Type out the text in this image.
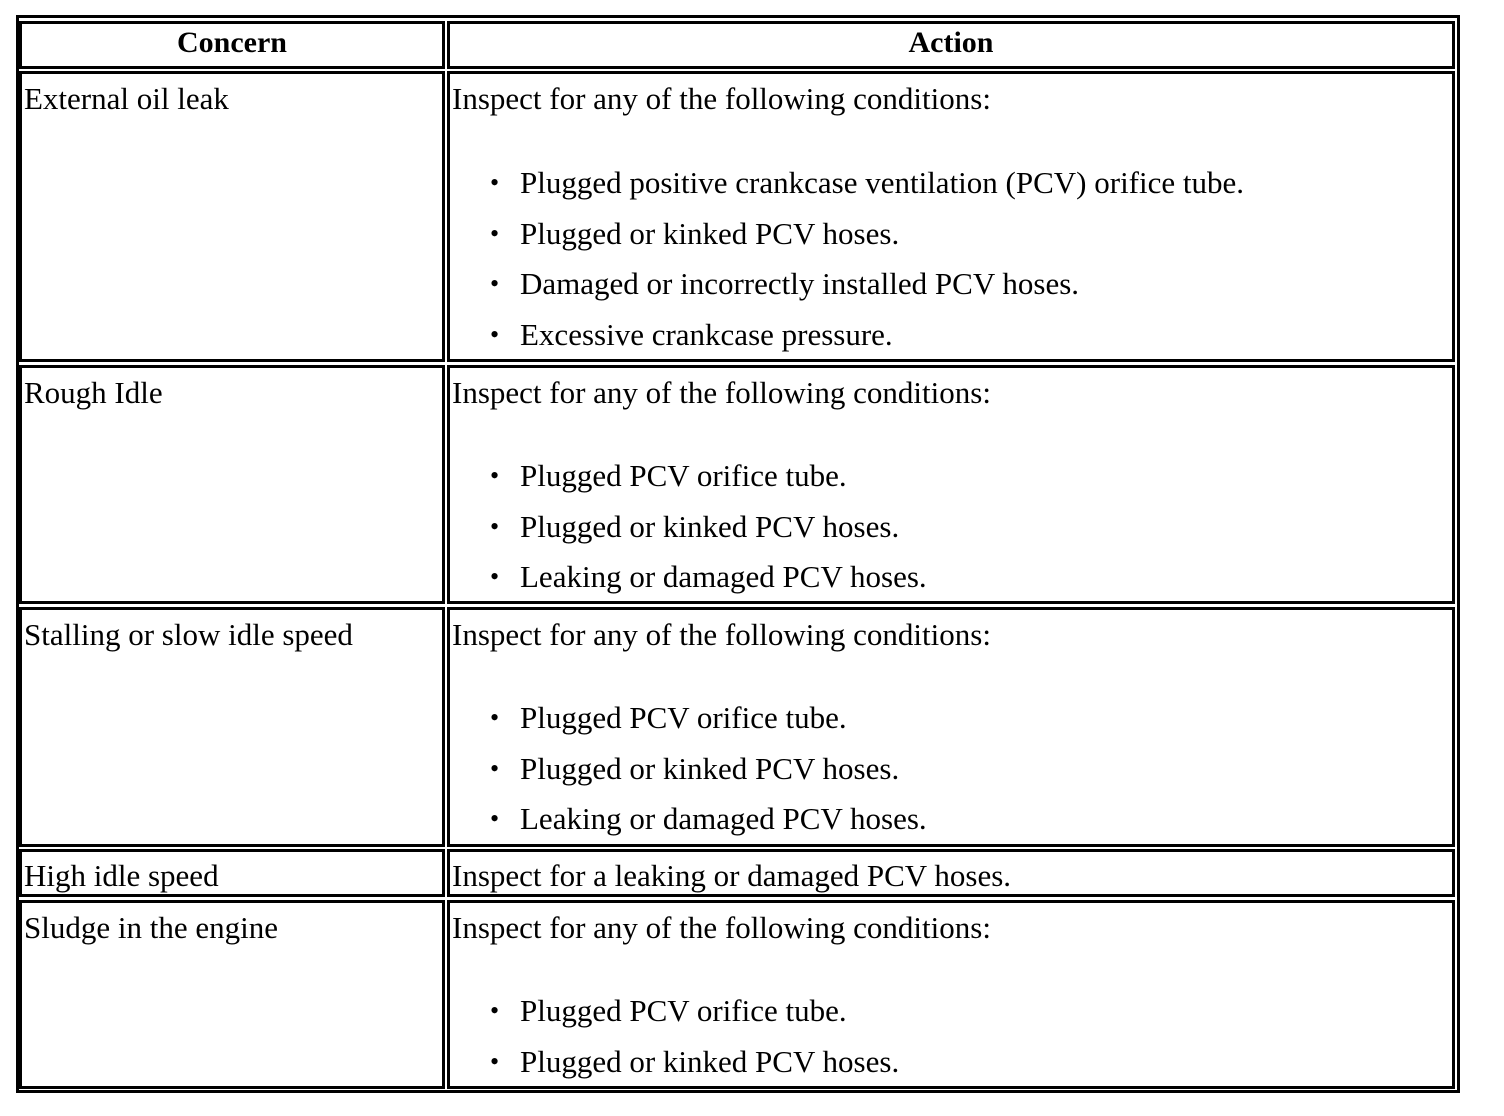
Concern	Action
External oil leak	Inspect for any of the following conditions:
• Plugged positive crankcase ventilation (PCV) orifice tube.
• Plugged or kinked PCV hoses.
• Damaged or incorrectly installed PCV hoses.
• Excessive crankcase pressure.
Rough Idle	Inspect for any of the following conditions:
• Plugged PCV orifice tube.
• Plugged or kinked PCV hoses.
• Leaking or damaged PCV hoses.
Stalling or slow idle speed	Inspect for any of the following conditions:
• Plugged PCV orifice tube.
• Plugged or kinked PCV hoses.
• Leaking or damaged PCV hoses.
High idle speed	Inspect for a leaking or damaged PCV hoses.
Sludge in the engine	Inspect for any of the following conditions:
• Plugged PCV orifice tube.
• Plugged or kinked PCV hoses.
